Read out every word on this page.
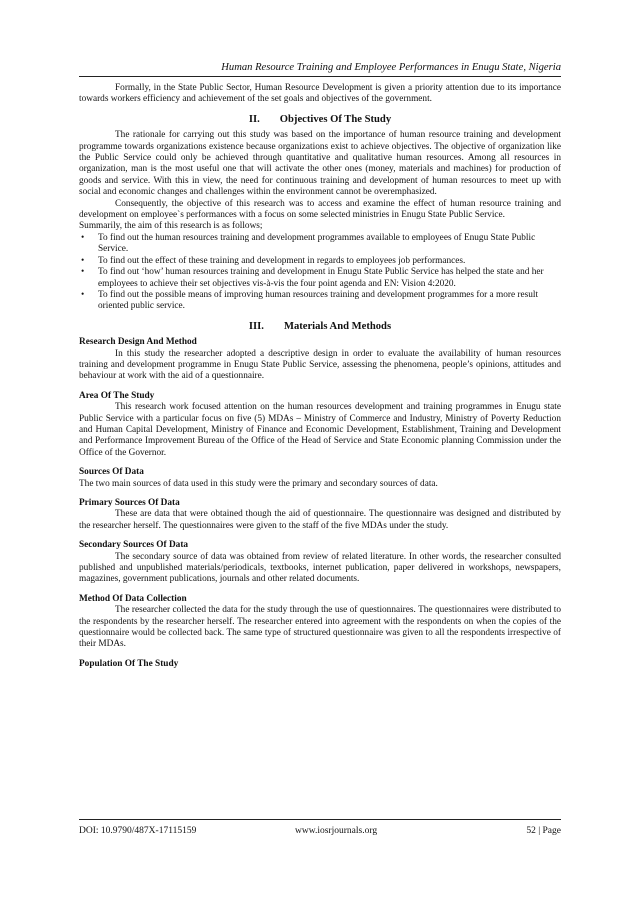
Human Resource Training and Employee Performances in Enugu State, Nigeria

Formally, in the State Public Sector, Human Resource Development is given a priority attention due to its importance towards workers efficiency and achievement of the set goals and objectives of the government.

II. Objectives Of The Study

The rationale for carrying out this study was based on the importance of human resource training and development programme towards organizations existence because organizations exist to achieve objectives. The objective of organization like the Public Service could only be achieved through quantitative and qualitative human resources. Among all resources in organization, man is the most useful one that will activate the other ones (money, materials and machines) for production of goods and service. With this in view, the need for continuous training and development of human resources to meet up with social and economic changes and challenges within the environment cannot be overemphasized.

Consequently, the objective of this research was to access and examine the effect of human resource training and development on employee`s performances with a focus on some selected ministries in Enugu State Public Service.

Summarily, the aim of this research is as follows;

• To find out the human resources training and development programmes available to employees of Enugu State Public Service.
• To find out the effect of these training and development in regards to employees job performances.
• To find out ‘how’ human resources training and development in Enugu State Public Service has helped the state and her employees to achieve their set objectives vis-à-vis the four point agenda and EN: Vision 4:2020.
• To find out the possible means of improving human resources training and development programmes for a more result oriented public service.
III. Materials And Methods
Research Design And Method

In this study the researcher adopted a descriptive design in order to evaluate the availability of human resources training and development programme in Enugu State Public Service, assessing the phenomena, people’s opinions, attitudes and behaviour at work with the aid of a questionnaire.

Area Of The Study

This research work focused attention on the human resources development and training programmes in Enugu state Public Service with a particular focus on five (5) MDAs – Ministry of Commerce and Industry, Ministry of Poverty Reduction and Human Capital Development, Ministry of Finance and Economic Development, Establishment, Training and Development and Performance Improvement Bureau of the Office of the Head of Service and State Economic planning Commission under the Office of the Governor.

Sources Of Data

The two main sources of data used in this study were the primary and secondary sources of data.

Primary Sources Of Data

These are data that were obtained though the aid of questionnaire. The questionnaire was designed and distributed by the researcher herself. The questionnaires were given to the staff of the five MDAs under the study.

Secondary Sources Of Data

The secondary source of data was obtained from review of related literature. In other words, the researcher consulted published and unpublished materials/periodicals, textbooks, internet publication, paper delivered in workshops, newspapers, magazines, government publications, journals and other related documents.

Method Of Data Collection

The researcher collected the data for the study through the use of questionnaires. The questionnaires were distributed to the respondents by the researcher herself. The researcher entered into agreement with the respondents on when the copies of the questionnaire would be collected back. The same type of structured questionnaire was given to all the respondents irrespective of their MDAs.

Population Of The Study
DOI: 10.9790/487X-17115159	www.iosrjournals.org	52 | Page
